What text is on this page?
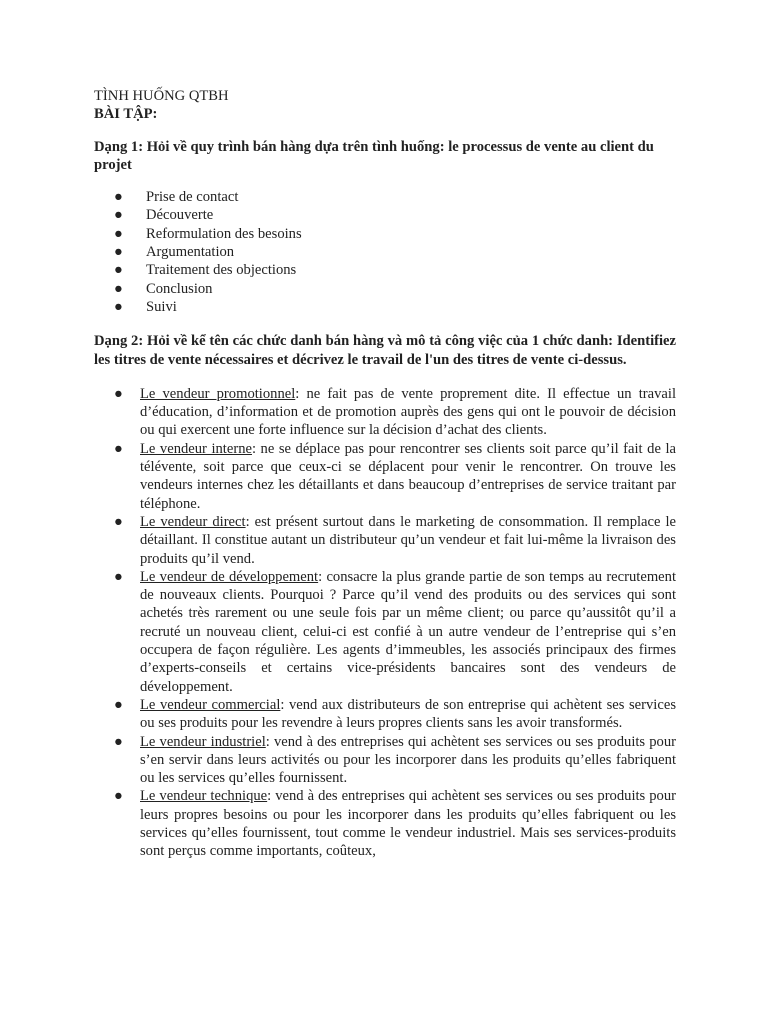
TÌNH HUỐNG QTBH
BÀI TẬP:

Dạng 1: Hỏi về quy trình bán hàng dựa trên tình huống: le processus de vente au client du projet

● Prise de contact
● Découverte
● Reformulation des besoins
● Argumentation
● Traitement des objections
● Conclusion
● Suivi

Dạng 2: Hỏi về kể tên các chức danh bán hàng và mô tả công việc của 1 chức danh: Identifiez les titres de vente nécessaires et décrivez le travail de l'un des titres de vente ci-dessus.

● Le vendeur promotionnel: ne fait pas de vente proprement dite. Il effectue un travail d’éducation, d’information et de promotion auprès des gens qui ont le pouvoir de décision ou qui exercent une forte influence sur la décision d’achat des clients.
● Le vendeur interne: ne se déplace pas pour rencontrer ses clients soit parce qu’il fait de la télévente, soit parce que ceux-ci se déplacent pour venir le rencontrer. On trouve les vendeurs internes chez les détaillants et dans beaucoup d’entreprises de service traitant par téléphone.
● Le vendeur direct: est présent surtout dans le marketing de consommation. Il remplace le détaillant. Il constitue autant un distributeur qu’un vendeur et fait lui-même la livraison des produits qu’il vend.
● Le vendeur de développement: consacre la plus grande partie de son temps au recrutement de nouveaux clients. Pourquoi ? Parce qu’il vend des produits ou des services qui sont achetés très rarement ou une seule fois par un même client; ou parce qu’aussitôt qu’il a recruté un nouveau client, celui-ci est confié à un autre vendeur de l’entreprise qui s’en occupera de façon régulière. Les agents d’immeubles, les associés principaux des firmes d’experts-conseils et certains vice-présidents bancaires sont des vendeurs de développement.
● Le vendeur commercial: vend aux distributeurs de son entreprise qui achètent ses services ou ses produits pour les revendre à leurs propres clients sans les avoir transformés.
● Le vendeur industriel: vend à des entreprises qui achètent ses services ou ses produits pour s’en servir dans leurs activités ou pour les incorporer dans les produits qu’elles fabriquent ou les services qu’elles fournissent.
● Le vendeur technique: vend à des entreprises qui achètent ses services ou ses produits pour leurs propres besoins ou pour les incorporer dans les produits qu’elles fabriquent ou les services qu’elles fournissent, tout comme le vendeur industriel. Mais ses services-produits sont perçus comme importants, coûteux,
